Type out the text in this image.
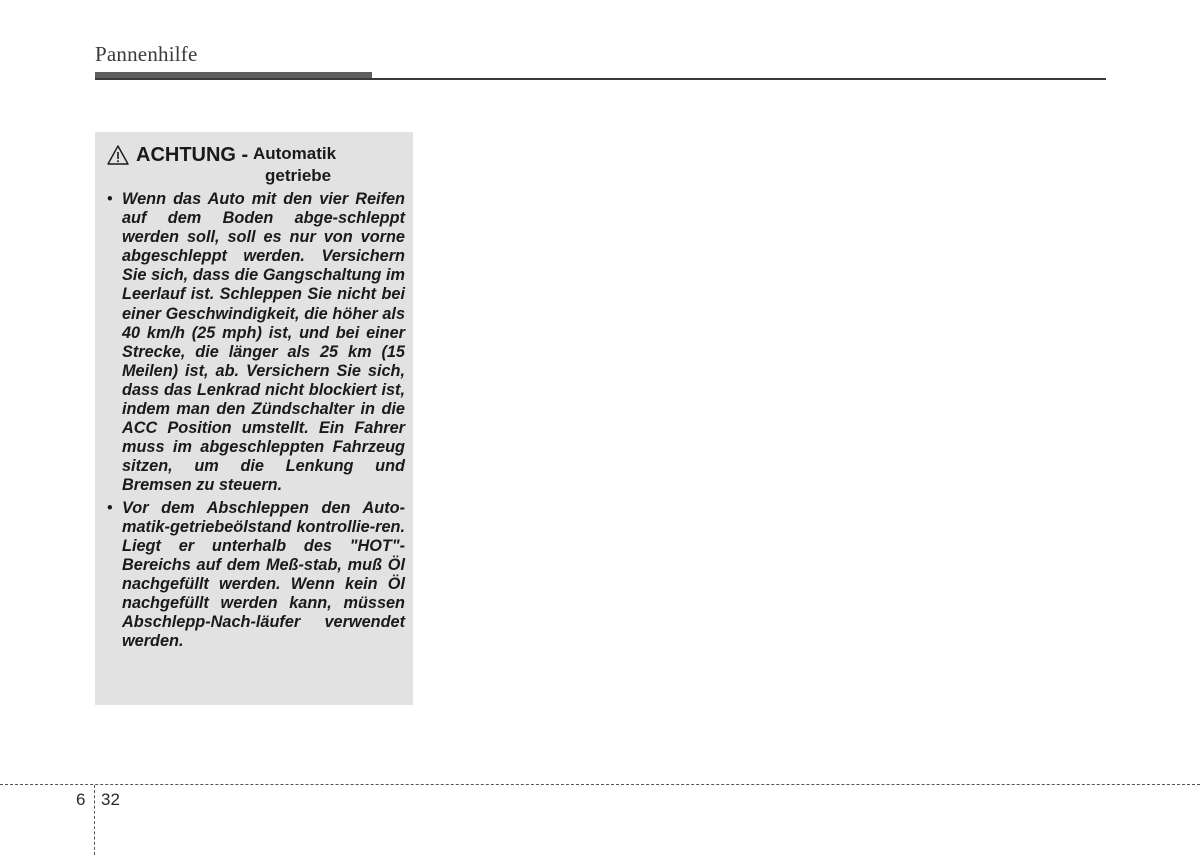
Pannenhilfe
ACHTUNG - Automatik
getriebe
• Wenn das Auto mit den vier Reifen auf dem Boden abge-schleppt werden soll, soll es nur von vorne abgeschleppt werden. Versichern Sie sich, dass die Gangschaltung im Leerlauf ist. Schleppen Sie nicht bei einer Geschwindigkeit, die höher als 40 km/h (25 mph) ist, und bei einer Strecke, die länger als 25 km (15 Meilen) ist, ab. Versichern Sie sich, dass das Lenkrad nicht blockiert ist, indem man den Zündschalter in die ACC Position umstellt. Ein Fahrer muss im abgeschleppten Fahrzeug sitzen, um die Lenkung und Bremsen zu steuern.
• Vor dem Abschleppen den Auto-matik-getriebeölstand kontrollie-ren. Liegt er unterhalb des "HOT"-Bereichs auf dem Meß-stab, muß Öl nachgefüllt werden. Wenn kein Öl nachgefüllt werden kann, müssen Abschlepp-Nach-läufer verwendet werden.
6 32
